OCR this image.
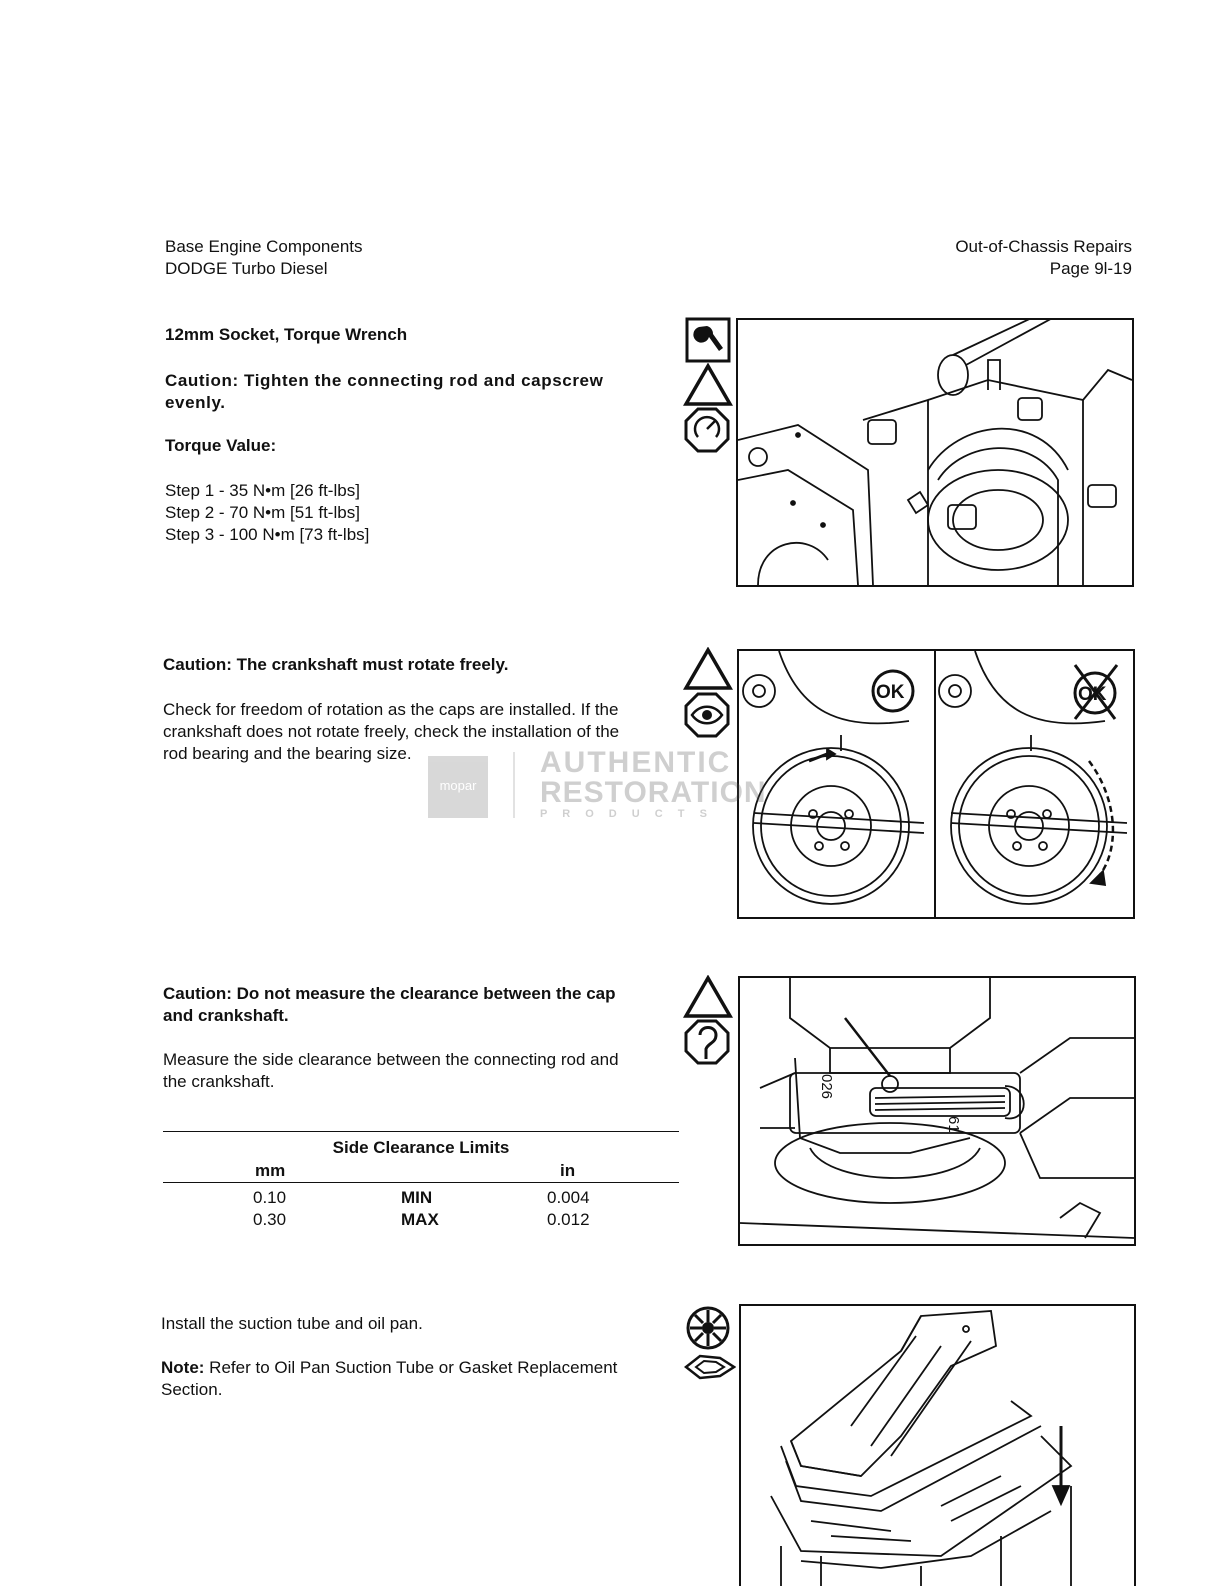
Base Engine Components
DODGE Turbo Diesel
Out-of-Chassis Repairs
Page 9l-19
12mm Socket, Torque Wrench
Caution: Tighten the connecting rod and capscrew
evenly.
Torque Value:
Step 1 - 35 N•m [26 ft-lbs]
Step 2 - 70 N•m [51 ft-lbs]
Step 3 - 100 N•m [73 ft-lbs]
Caution: The crankshaft must rotate freely.
Check for freedom of rotation as the caps are installed. If the
crankshaft does not rotate freely, check the installation of the
rod bearing and the bearing size.
OK	OK
mopar
AUTHENTIC
RESTORATION
P R O D U C T S
Caution: Do not measure the clearance between the cap
and crankshaft.
Measure the side clearance between the connecting rod and
the crankshaft.
Side Clearance Limits
mm	in
0.10	MIN	0.004
0.30	MAX	0.012
026
61
Install the suction tube and oil pan.
Note: Refer to Oil Pan Suction Tube or Gasket Replacement
Section.
